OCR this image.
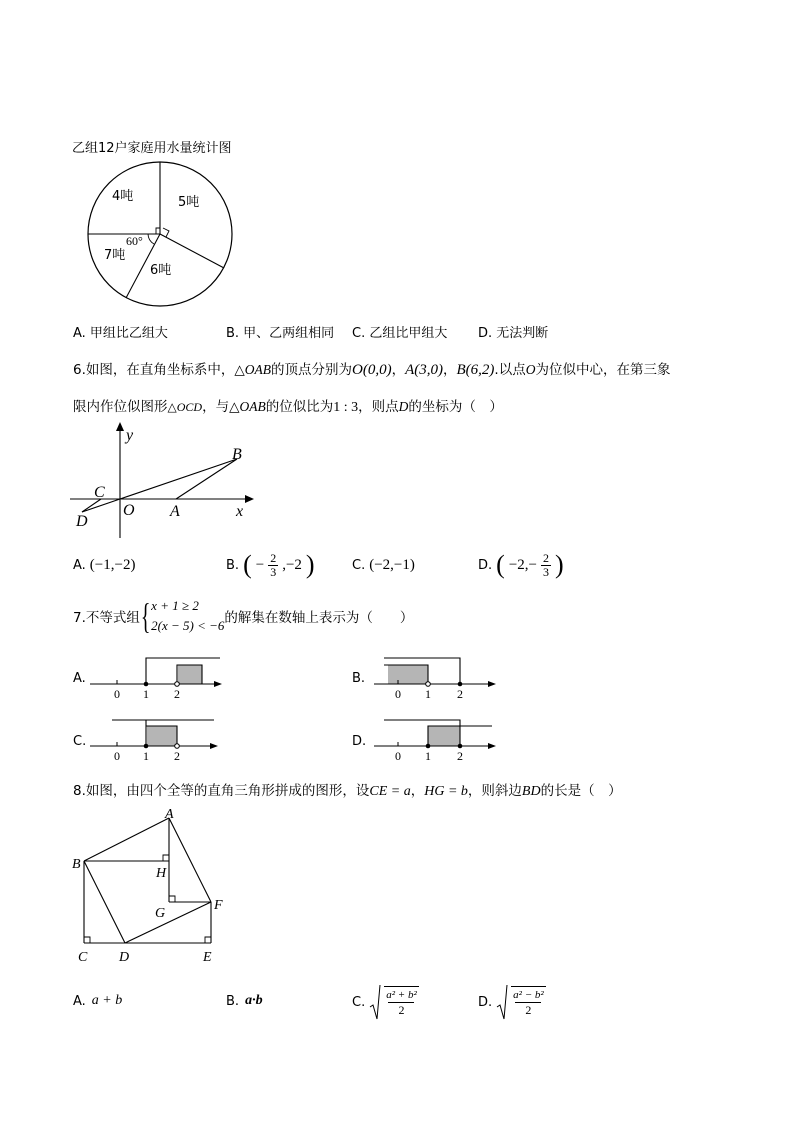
乙组12户家庭用水量统计图
4吨	5吨
6吨
7吨
60°
A. 甲组比乙组大	B. 甲、乙两组相同 C. 乙组比甲组大 D. 无法判断
6.如图，在直角坐标系中，△OAB的顶点分别为O(0,0)，A(3,0)，B(6,2).以点O为位似中心，在第三象
限内作位似图形△OCD，与△OAB的位似比为1 : 3，则点D的坐标为（　）
y
x
B
C
D
O A
A. (−1,−2)	B. ( − $\frac{2}{3} ,-2$ )	C. (−2,−1)	D. ( $-2,- \frac{2}{3}$ )
7.不等式组 { x + 1 ≥ 2
2(x − 5) < −6 的解集在数轴上表示为（　　）
A.
0 1 2
B.
0 1 2
C.
0 1 2
D.
0 1 2
8.如图，由四个全等的直角三角形拼成的图形，设CE = a，HG = b，则斜边BD的长是（　）
A
B
H
G
F
C D	E
A. a + b	B. a·b	C. $\frac{\text{a² + b²}}{2}$	D. $\frac{\text{a² − b²}}{2}$
